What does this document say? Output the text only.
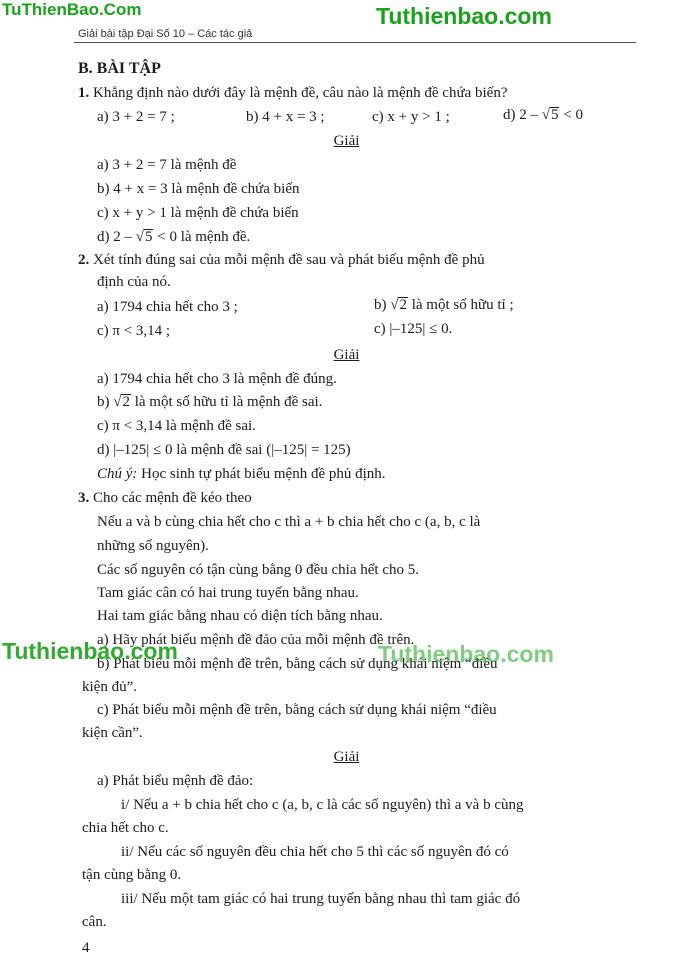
TuThienBao.Com	Tuthienbao.com
Giải bài tập Đại Số 10 – Các tác giả
B. BÀI TẬP
1. Khẳng định nào dưới đây là mệnh đề, câu nào là mệnh đề chứa biến?
a) 3 + 2 = 7 ;	b) 4 + x = 3 ;	c) x + y > 1 ;	d) 2 – √5 < 0
Giải
a) 3 + 2 = 7 là mệnh đề
b) 4 + x = 3 là mệnh đề chứa biến
c) x + y > 1 là mệnh đề chứa biến
d) 2 – √5 < 0 là mệnh đề.
2. Xét tính đúng sai của mỗi mệnh đề sau và phát biểu mệnh đề phủ
định của nó.
a) 1794 chia hết cho 3 ;	b) √2 là một số hữu tỉ ;
c) π < 3,14 ;	c) |–125| ≤ 0.
Giải
a) 1794 chia hết cho 3 là mệnh đề đúng.
b) √2 là một số hữu tỉ là mệnh đề sai.
c) π < 3,14 là mệnh đề sai.
d) |–125| ≤ 0 là mệnh đề sai (|–125| = 125)
Chú ý: Học sinh tự phát biểu mệnh đề phủ định.
3. Cho các mệnh đề kéo theo
Nếu a và b cùng chia hết cho c thì a + b chia hết cho c (a, b, c là
những số nguyên).
Các số nguyên có tận cùng bằng 0 đều chia hết cho 5.
Tam giác cân có hai trung tuyến bằng nhau.
Hai tam giác bằng nhau có diện tích bằng nhau.
a) Hãy phát biểu mệnh đề đảo của mỗi mệnh đề trên.
b) Phát biểu mỗi mệnh đề trên, bằng cách sử dụng khái niệm “điều
kiện đủ”.
c) Phát biểu mỗi mệnh đề trên, bằng cách sử dụng khái niệm “điều
kiện cần”.
Giải
a) Phát biểu mệnh đề đảo:
i/ Nếu a + b chia hết cho c (a, b, c là các số nguyên) thì a và b cùng
chia hết cho c.
ii/ Nếu các số nguyên đều chia hết cho 5 thì các số nguyên đó có
tận cùng bằng 0.
iii/ Nếu một tam giác có hai trung tuyến bằng nhau thì tam giác đó
cân.
4
Tuthienbao.com	Tuthienbao.com
